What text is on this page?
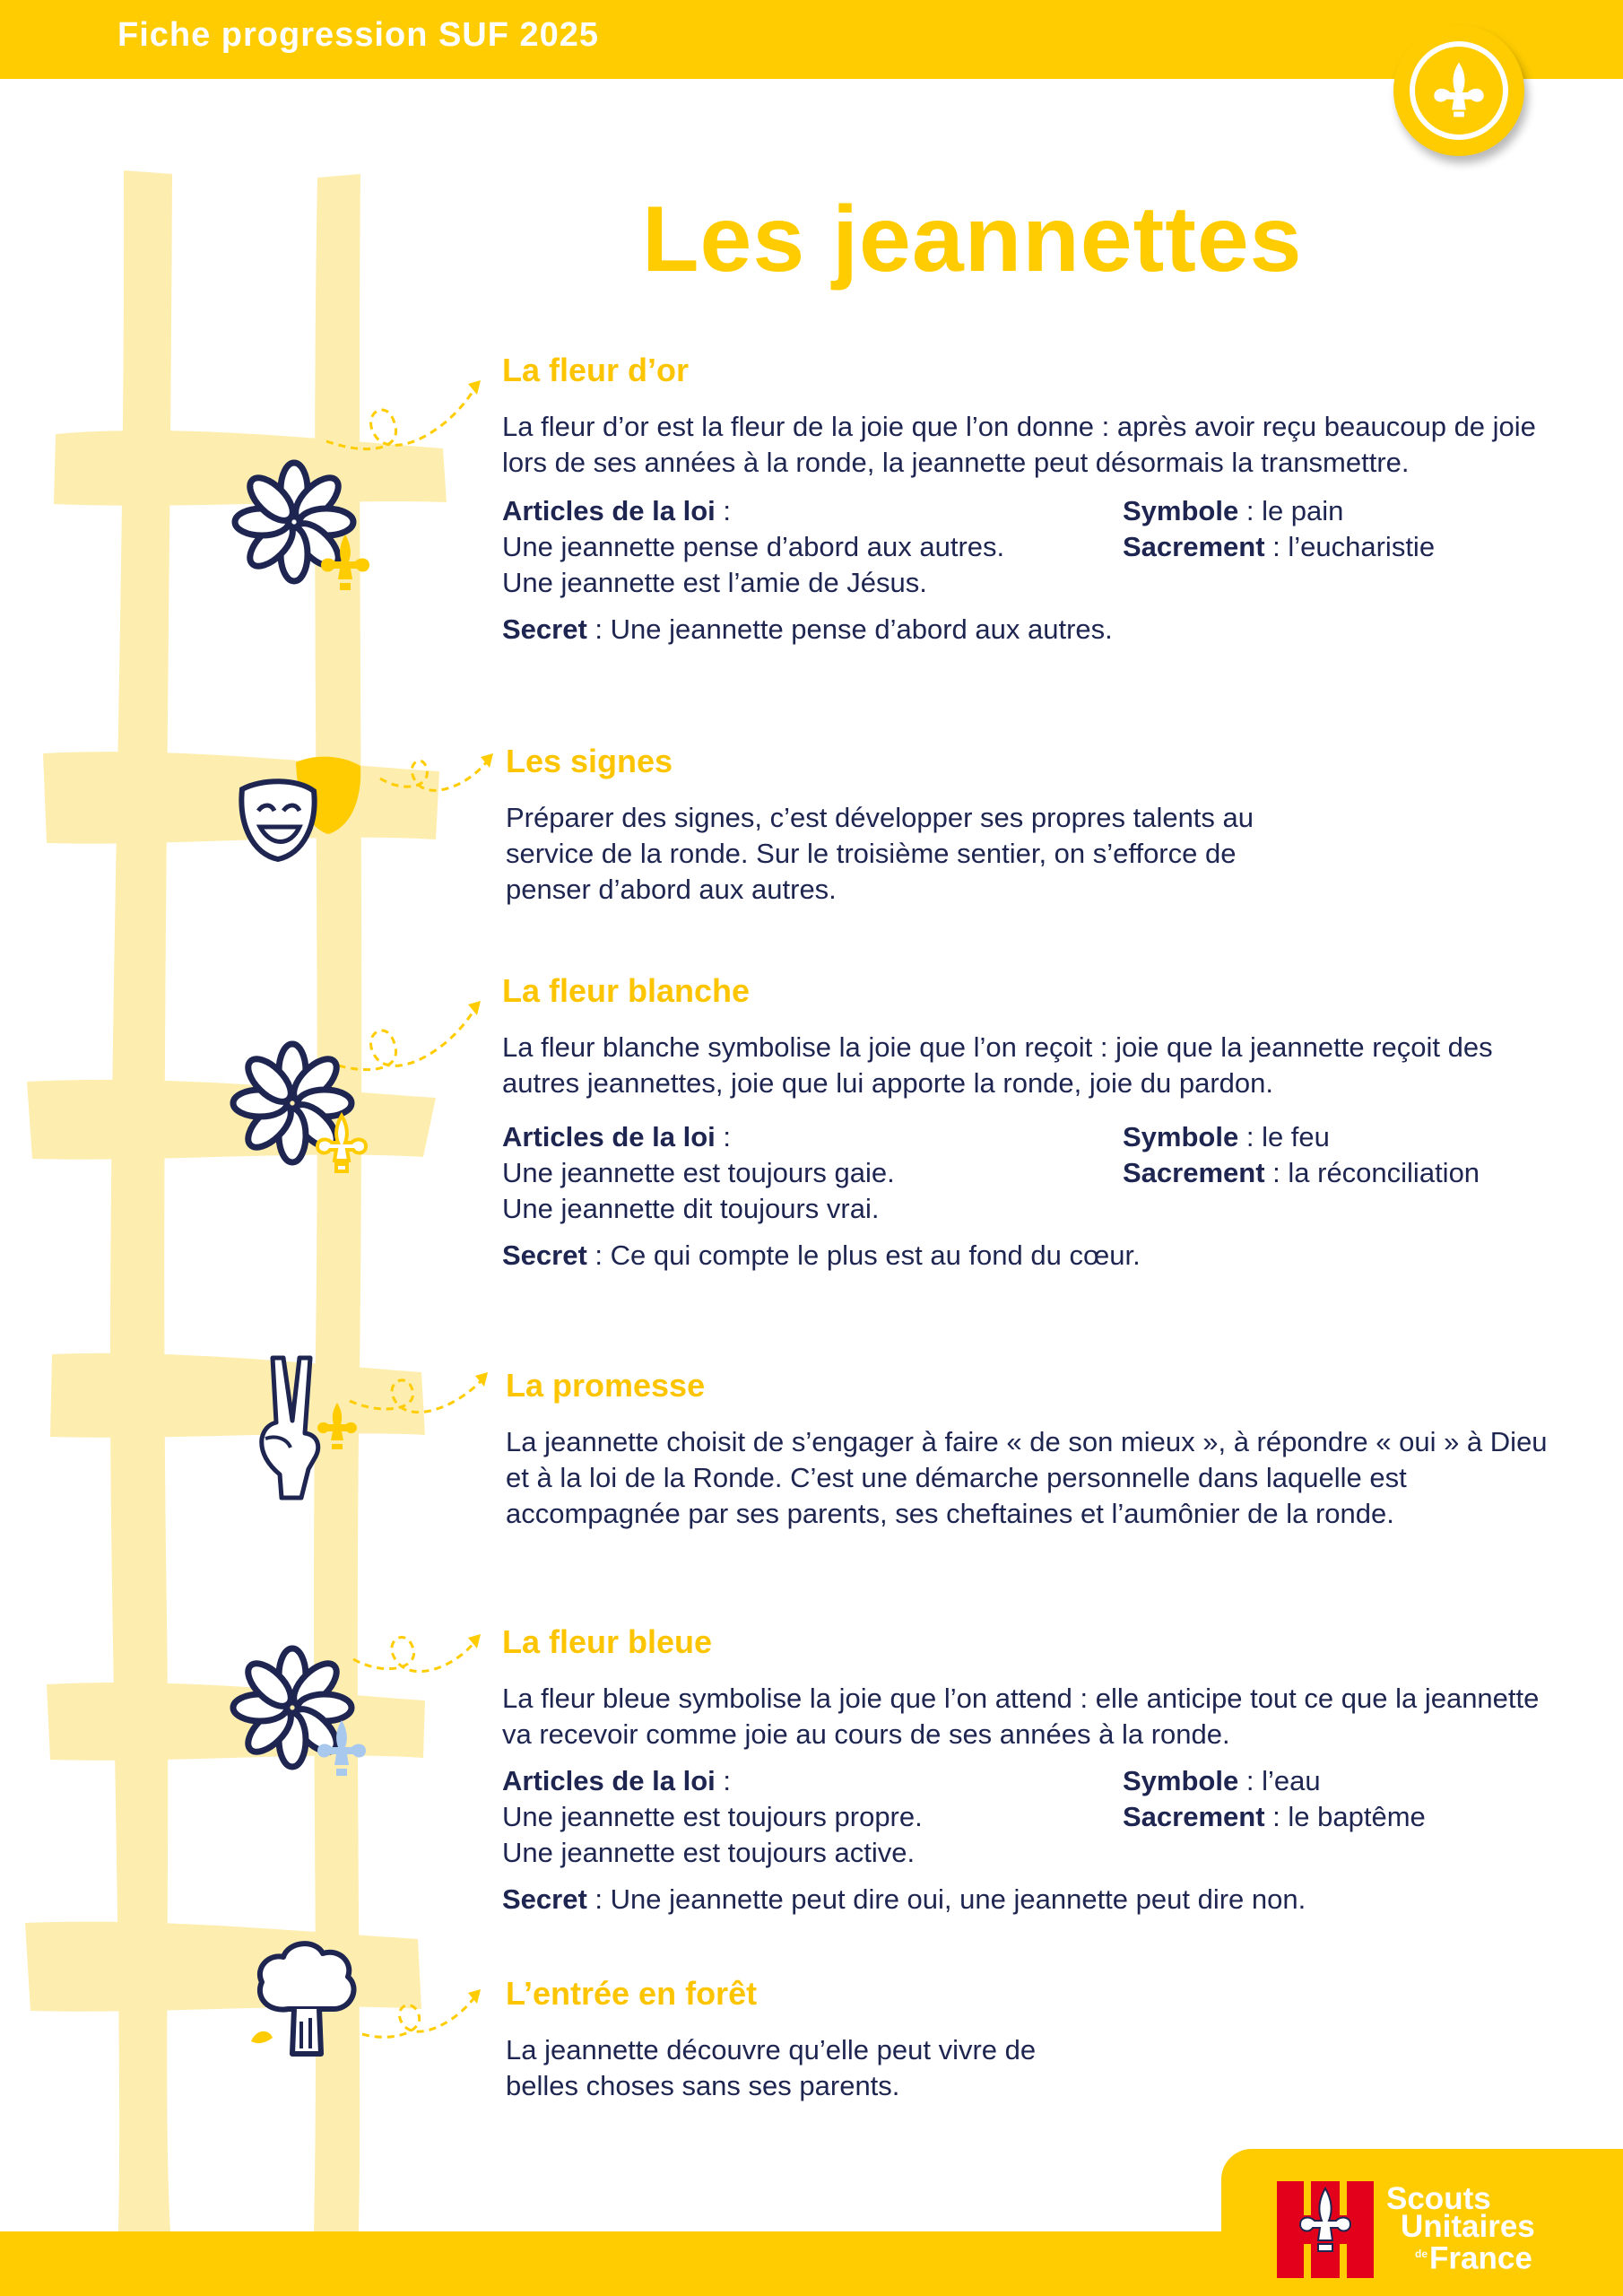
Fiche progression SUF 2025
Les jeannettes
La fleur d’or

La fleur d’or est la fleur de la joie que l’on donne : après avoir reçu beaucoup de joie lors de ses années à la ronde, la jeannette peut désormais la transmettre.

Articles de la loi :
Une jeannette pense d’abord aux autres.
Une jeannette est l’amie de Jésus.
Symbole : le pain
Sacrement : l’eucharistie
Secret : Une jeannette pense d’abord aux autres.
Les signes

Préparer des signes, c’est développer ses propres talents au service de la ronde. Sur le troisième sentier, on s’efforce de penser d’abord aux autres.

La fleur blanche

La fleur blanche symbolise la joie que l’on reçoit : joie que la jeannette reçoit des autres jeannettes, joie que lui apporte la ronde, joie du pardon.

Articles de la loi :
Une jeannette est toujours gaie.
Une jeannette dit toujours vrai.
Symbole : le feu
Sacrement : la réconciliation
Secret : Ce qui compte le plus est au fond du cœur.
La promesse

La jeannette choisit de s’engager à faire « de son mieux », à répondre « oui » à Dieu et à la loi de la Ronde. C’est une démarche personnelle dans laquelle est accompagnée par ses parents, ses cheftaines et l’aumônier de la ronde.

La fleur bleue

La fleur bleue symbolise la joie que l’on attend : elle anticipe tout ce que la jeannette va recevoir comme joie au cours de ses années à la ronde.

Articles de la loi :
Une jeannette est toujours propre.
Une jeannette est toujours active.
Symbole : l’eau
Sacrement : le baptême
Secret : Une jeannette peut dire oui, une jeannette peut dire non.
L’entrée en forêt

La jeannette découvre qu’elle peut vivre de belles choses sans ses parents.

Scouts
Unitaires
$^{de}$France
